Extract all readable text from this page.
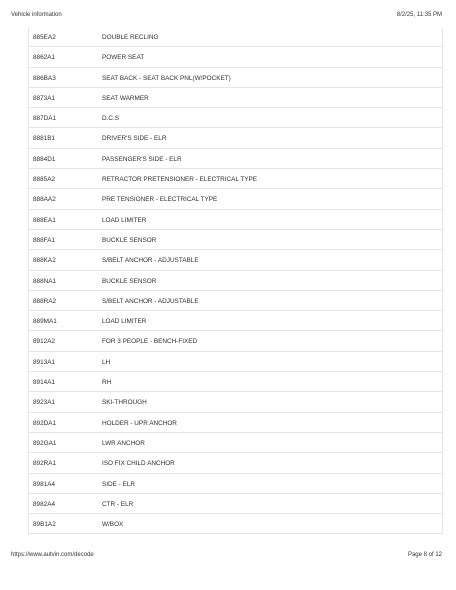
Vehicle information	8/2/25, 11:35 PM
885EA2	DOUBLE RECLING
8862A1	POWER SEAT
886BA3	SEAT BACK - SEAT BACK PNL(W/POCKET)
8873A1	SEAT WARMER
887DA1	D.C.S
8881B1	DRIVER'S SIDE - ELR
8884D1	PASSENGER'S SIDE - ELR
8885A2	RETRACTOR PRETENSIONER - ELECTRICAL TYPE
888AA2	PRE TENSIONER - ELECTRICAL TYPE
888EA1	LOAD LIMITER
888FA1	BUCKLE SENSOR
888KA2	S/BELT ANCHOR - ADJUSTABLE
888NA1	BUCKLE SENSOR
888RA2	S/BELT ANCHOR - ADJUSTABLE
889MA1	LOAD LIMITER
8912A2	FOR 3 PEOPLE - BENCH-FIXED
8913A1	LH
8914A1	RH
8923A1	SKI-THROUGH
892DA1	HOLDER - UPR ANCHOR
892GA1	LWR ANCHOR
892RA1	ISO FIX CHILD ANCHOR
8981A4	SIDE - ELR
8982A4	CTR - ELR
89B1A2	W/BOX
https://www.autvin.com/decode	Page 8 of 12
